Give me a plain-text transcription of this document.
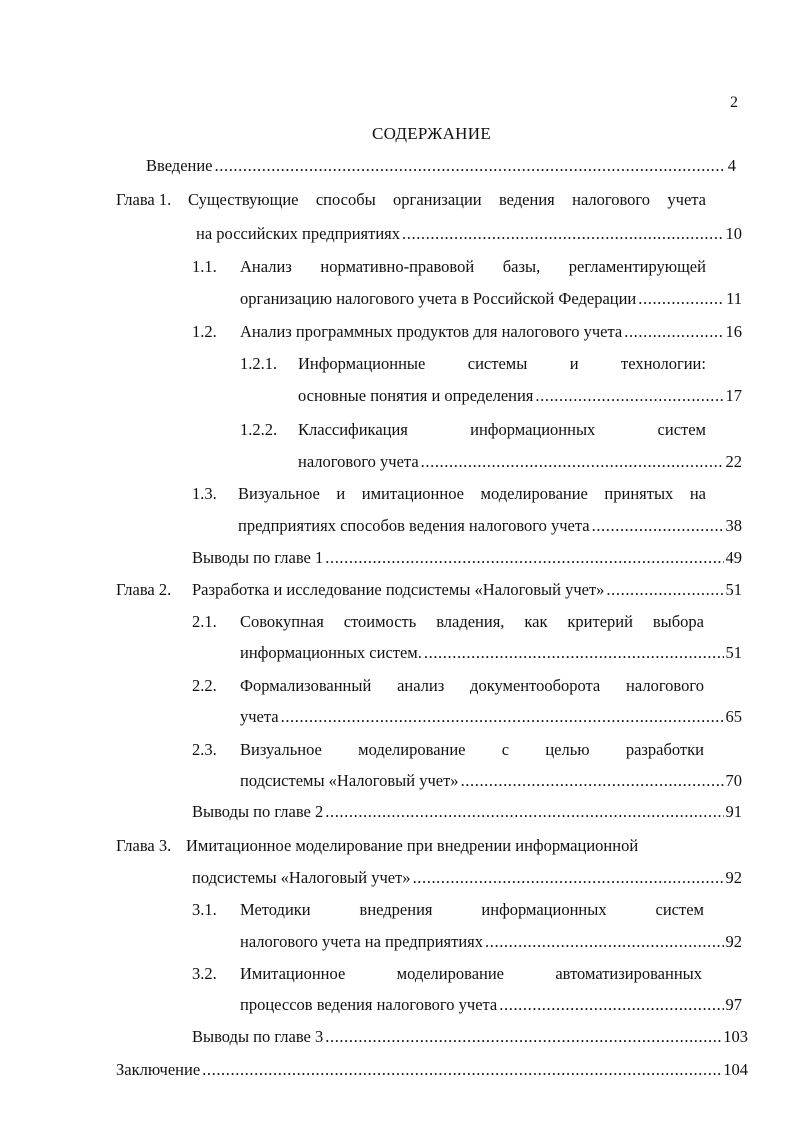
2
СОДЕРЖАНИЕ
Введение .....	4
Глава 1. Существующие способы организации ведения налогового учета
на российских предприятиях .....	10
1.1. Анализ нормативно-правовой базы, регламентирующей
организацию налогового учета в Российской Федерации .....	11
1.2. Анализ программных продуктов для налогового учета .....	16
1.2.1. Информационные	системы	и	технологии:
основные понятия и определения .....	17
1.2.2. Классификация	информационных	систем
налогового учета .....	22
1.3. Визуальное и имитационное моделирование принятых на
предприятиях способов ведения налогового учета .....	38
Выводы по главе 1 .....	49
Глава 2. Разработка и исследование подсистемы «Налоговый учет» .....	51
2.1. Совокупная стоимость владения, как критерий выбора
информационных систем. .....	51
2.2. Формализованный анализ документооборота налогового
учета .....	65
2.3. Визуальное моделирование с целью разработки
подсистемы «Налоговый учет» .....	70
Выводы по главе 2 .....	91
Глава 3. Имитационное моделирование при внедрении информационной
подсистемы «Налоговый учет» .....	92
3.1. Методики	внедрения	информационных	систем
налогового учета на предприятиях .....	92
3.2. Имитационное	моделирование	автоматизированных
процессов ведения налогового учета .....	97
Выводы по главе 3 .....	103
Заключение .....	104
